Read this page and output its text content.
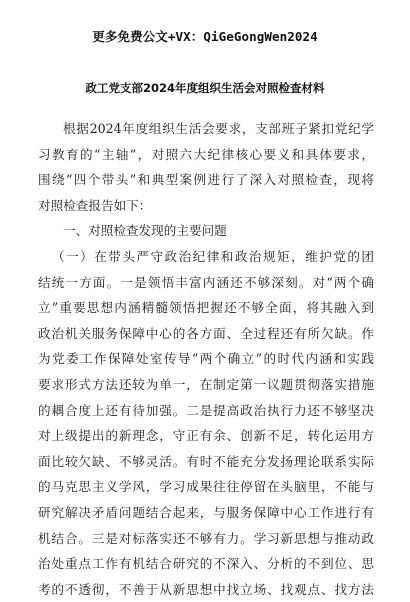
更多免费公文+VX：QiGeGongWen2024
政工党支部2024年度组织生活会对照检查材料
根据2024年度组织生活会要求，支部班子紧扣党纪学
习教育的“主轴”，对照六大纪律核心要义和具体要求，
围绕“四个带头”和典型案例进行了深入对照检查，现将
对照检查报告如下：
一、对照检查发现的主要问题
（一）在带头严守政治纪律和政治规矩，维护党的团
结统一方面。一是领悟丰富内涵还不够深刻。对“两个确
立”重要思想内涵精髓领悟把握还不够全面，将其融入到
政治机关服务保障中心的各方面、全过程还有所欠缺。作
为党委工作保障处室传导“两个确立”的时代内涵和实践
要求形式方法还较为单一，在制定第一议题贯彻落实措施
的耦合度上还有待加强。二是提高政治执行力还不够坚决
对上级提出的新理念，守正有余、创新不足，转化运用方
面比较欠缺、不够灵活。有时不能充分发扬理论联系实际
的马克思主义学风，学习成果往往停留在头脑里，不能与
研究解决矛盾问题结合起来，与服务保障中心工作进行有
机结合。三是对标落实还不够有力。学习新思想与推动政
治处重点工作有机结合研究的不深入、分析的不到位、思
考的不透彻，不善于从新思想中找立场、找观点、找方法
